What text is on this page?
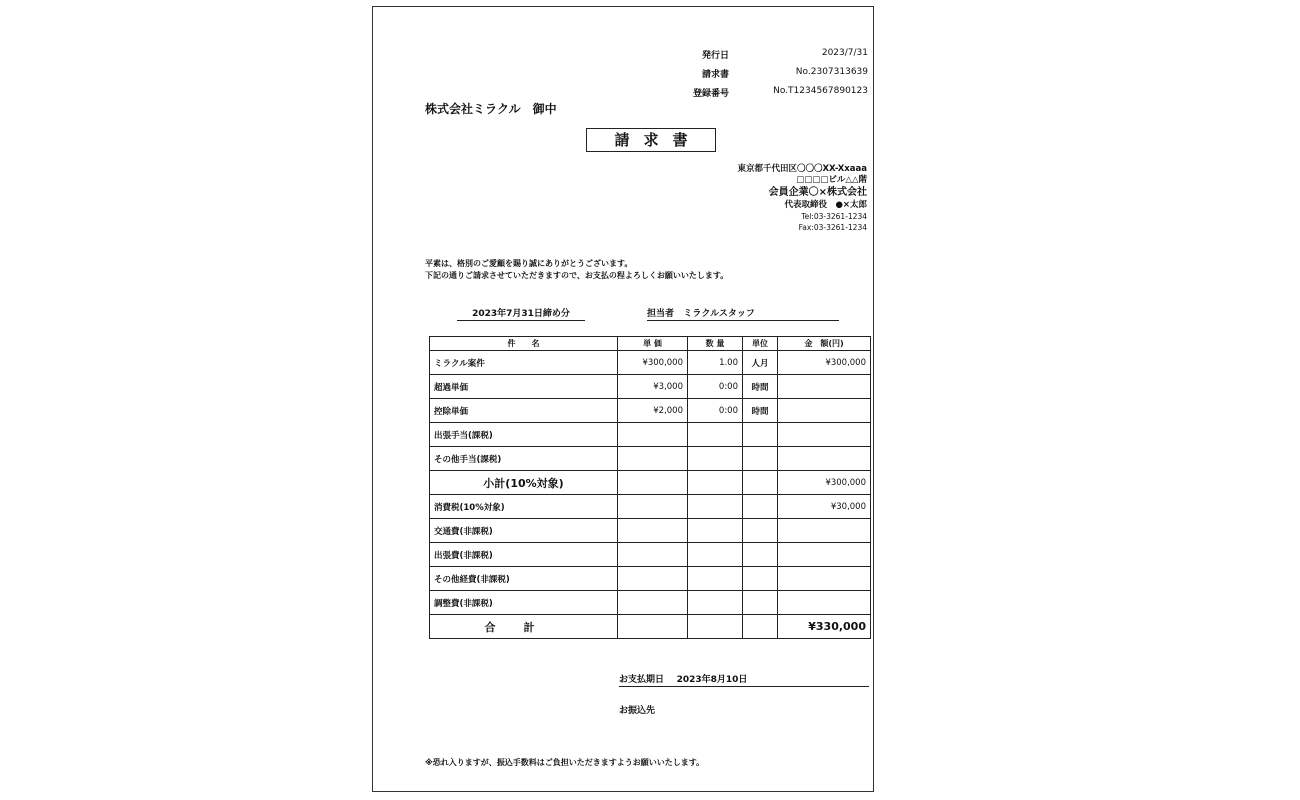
発行日	2023/7/31
請求書	No.2307313639
登録番号	No.T1234567890123
株式会社ミラクル　御中
請求書
東京都千代田区〇〇〇XX-Xxaaa
□□□□ビル△△階
会員企業〇×株式会社
代表取締役　●×太郎
Tel:03-3261-1234
Fax:03-3261-1234
平素は、格別のご愛顧を賜り誠にありがとうございます。
下記の通りご請求させていただきますので、お支払の程よろしくお願いいたします。
2023年7月31日締め分	担当者 ミラクルスタッフ
件　　名	単 価	数 量	単位	金　額(円)
ミラクル案件	¥300,000	1.00	人月	¥300,000
超過単価	¥3,000	0:00	時間	
控除単価	¥2,000	0:00	時間	
出張手当(課税)				
その他手当(課税)				
小計(10%対象)				¥300,000
消費税(10%対象)				¥30,000
交通費(非課税)				
出張費(非課税)				
その他経費(非課税)				
調整費(非課税)				
合計				¥330,000
お支払期日 2023年8月10日
お振込先
※恐れ入りますが、振込手数料はご負担いただきますようお願いいたします。
